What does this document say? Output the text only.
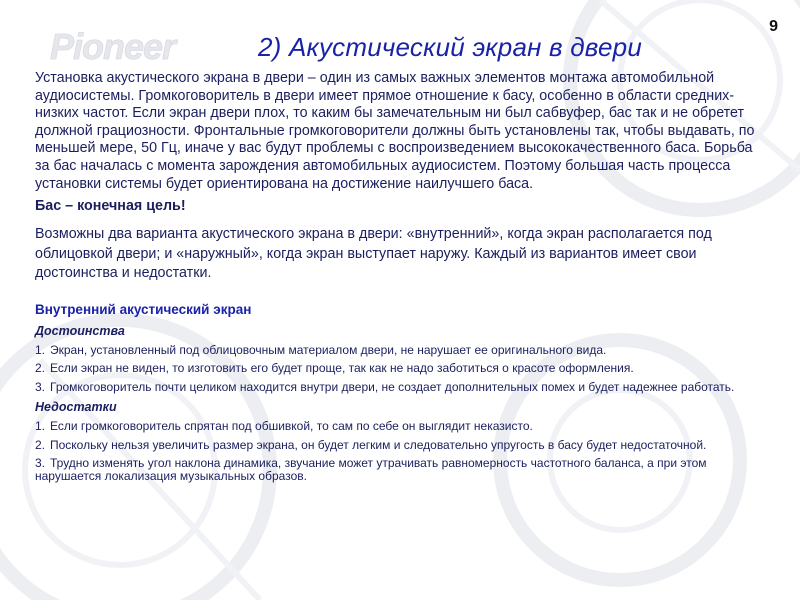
Pioneer	9
2) Акустический экран в двери

Установка акустического экрана в двери – один из самых важных элементов монтажа автомобильной аудиосистемы. Громкоговоритель в двери имеет прямое отношение к басу, особенно в области средних-низких частот. Если экран двери плох, то каким бы замечательным ни был сабвуфер, бас так и не обретет должной грациозности. Фронтальные громкоговорители должны быть установлены так, чтобы выдавать, по меньшей мере, 50 Гц, иначе у вас будут проблемы с воспроизведением высококачественного баса. Борьба за бас началась с момента зарождения автомобильных аудиосистем. Поэтому большая часть процесса установки системы будет ориентирована на достижение наилучшего баса.

Бас – конечная цель!

Возможны два варианта акустического экрана в двери: «внутренний», когда экран располагается под облицовкой двери; и «наружный», когда экран выступает наружу. Каждый из вариантов имеет свои достоинства и недостатки.

Внутренний акустический экран
Достоинства
1. Экран, установленный под облицовочным материалом двери, не нарушает ее оригинального вида.
2. Если экран не виден, то изготовить его будет проще, так как не надо заботиться о красоте оформления.
3. Громкоговоритель почти целиком находится внутри двери, не создает дополнительных помех и будет надежнее работать.
Недостатки
1. Если громкоговоритель спрятан под обшивкой, то сам по себе он выглядит неказисто.
2. Поскольку нельзя увеличить размер экрана, он будет легким и следовательно упругость в басу будет недостаточной.
3. Трудно изменять угол наклона динамика, звучание может утрачивать равномерность частотного баланса, а при этом нарушается локализация музыкальных образов.
